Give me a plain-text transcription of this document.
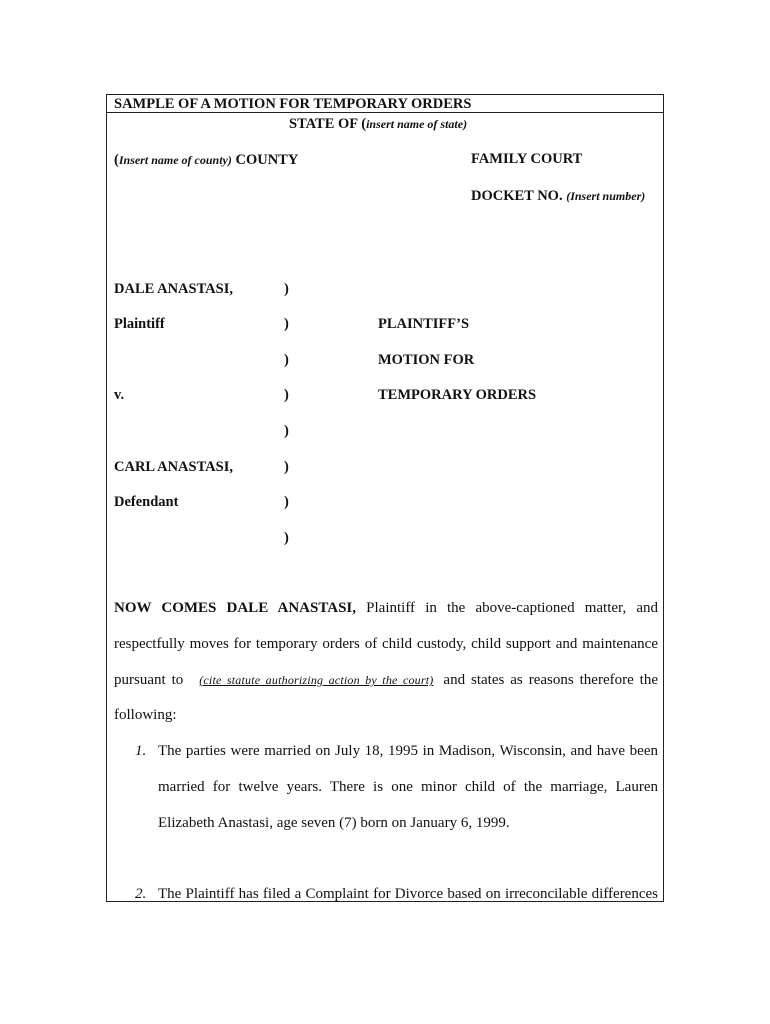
SAMPLE OF A MOTION FOR TEMPORARY ORDERS
STATE OF (insert name of state)
(Insert name of county) COUNTY	FAMILY COURT
DOCKET NO. (Insert number)
DALE ANASTASI,	)
Plaintiff	)	PLAINTIFF’S
)	MOTION FOR
v.	)	TEMPORARY ORDERS
)
CARL ANASTASI,	)
Defendant	)
)
NOW COMES DALE ANASTASI, Plaintiff in the above-captioned matter, and
respectfully moves for temporary orders of child custody, child support and maintenance
pursuant to (cite statute authorizing action by the court) and states as reasons therefore the
following:
1. The parties were married on July 18, 1995 in Madison, Wisconsin, and have been
married for twelve years. There is one minor child of the marriage, Lauren
Elizabeth Anastasi, age seven (7) born on January 6, 1999.
2. The Plaintiff has filed a Complaint for Divorce based on irreconcilable differences
